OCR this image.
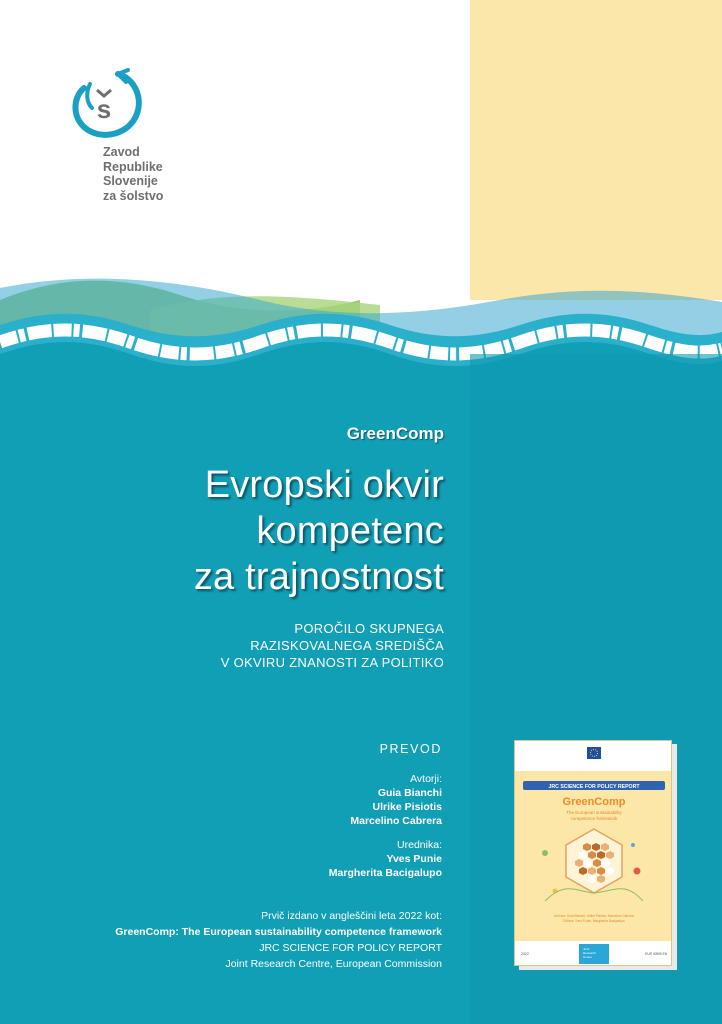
s
Zavod
Republike
Slovenije
za šolstvo
GreenComp
Evropski okvir
kompetenc
za trajnostnost
POROČILO SKUPNEGA
RAZISKOVALNEGA SREDIŠČA
V OKVIRU ZNANOSTI ZA POLITIKO
PREVOD
Avtorji:
Guia Bianchi
Ulrike Pisiotis
Marcelino Cabrera
Urednika:
Yves Punie
Margherita Bacigalupo
Prvič izdano v angleščini leta 2022 kot:
GreenComp: The European sustainability competence framework
JRC SCIENCE FOR POLICY REPORT
Joint Research Centre, European Commission
JRC SCIENCE FOR POLICY REPORT
GreenComp
The European sustainability
competence framework
Authors: Guia Bianchi, Ulrike Pisiotis, Marcelino Cabrera
Editors: Yves Punie, Margherita Bacigalupo
2022
Joint
Research
Centre
EUR 30955 EN
